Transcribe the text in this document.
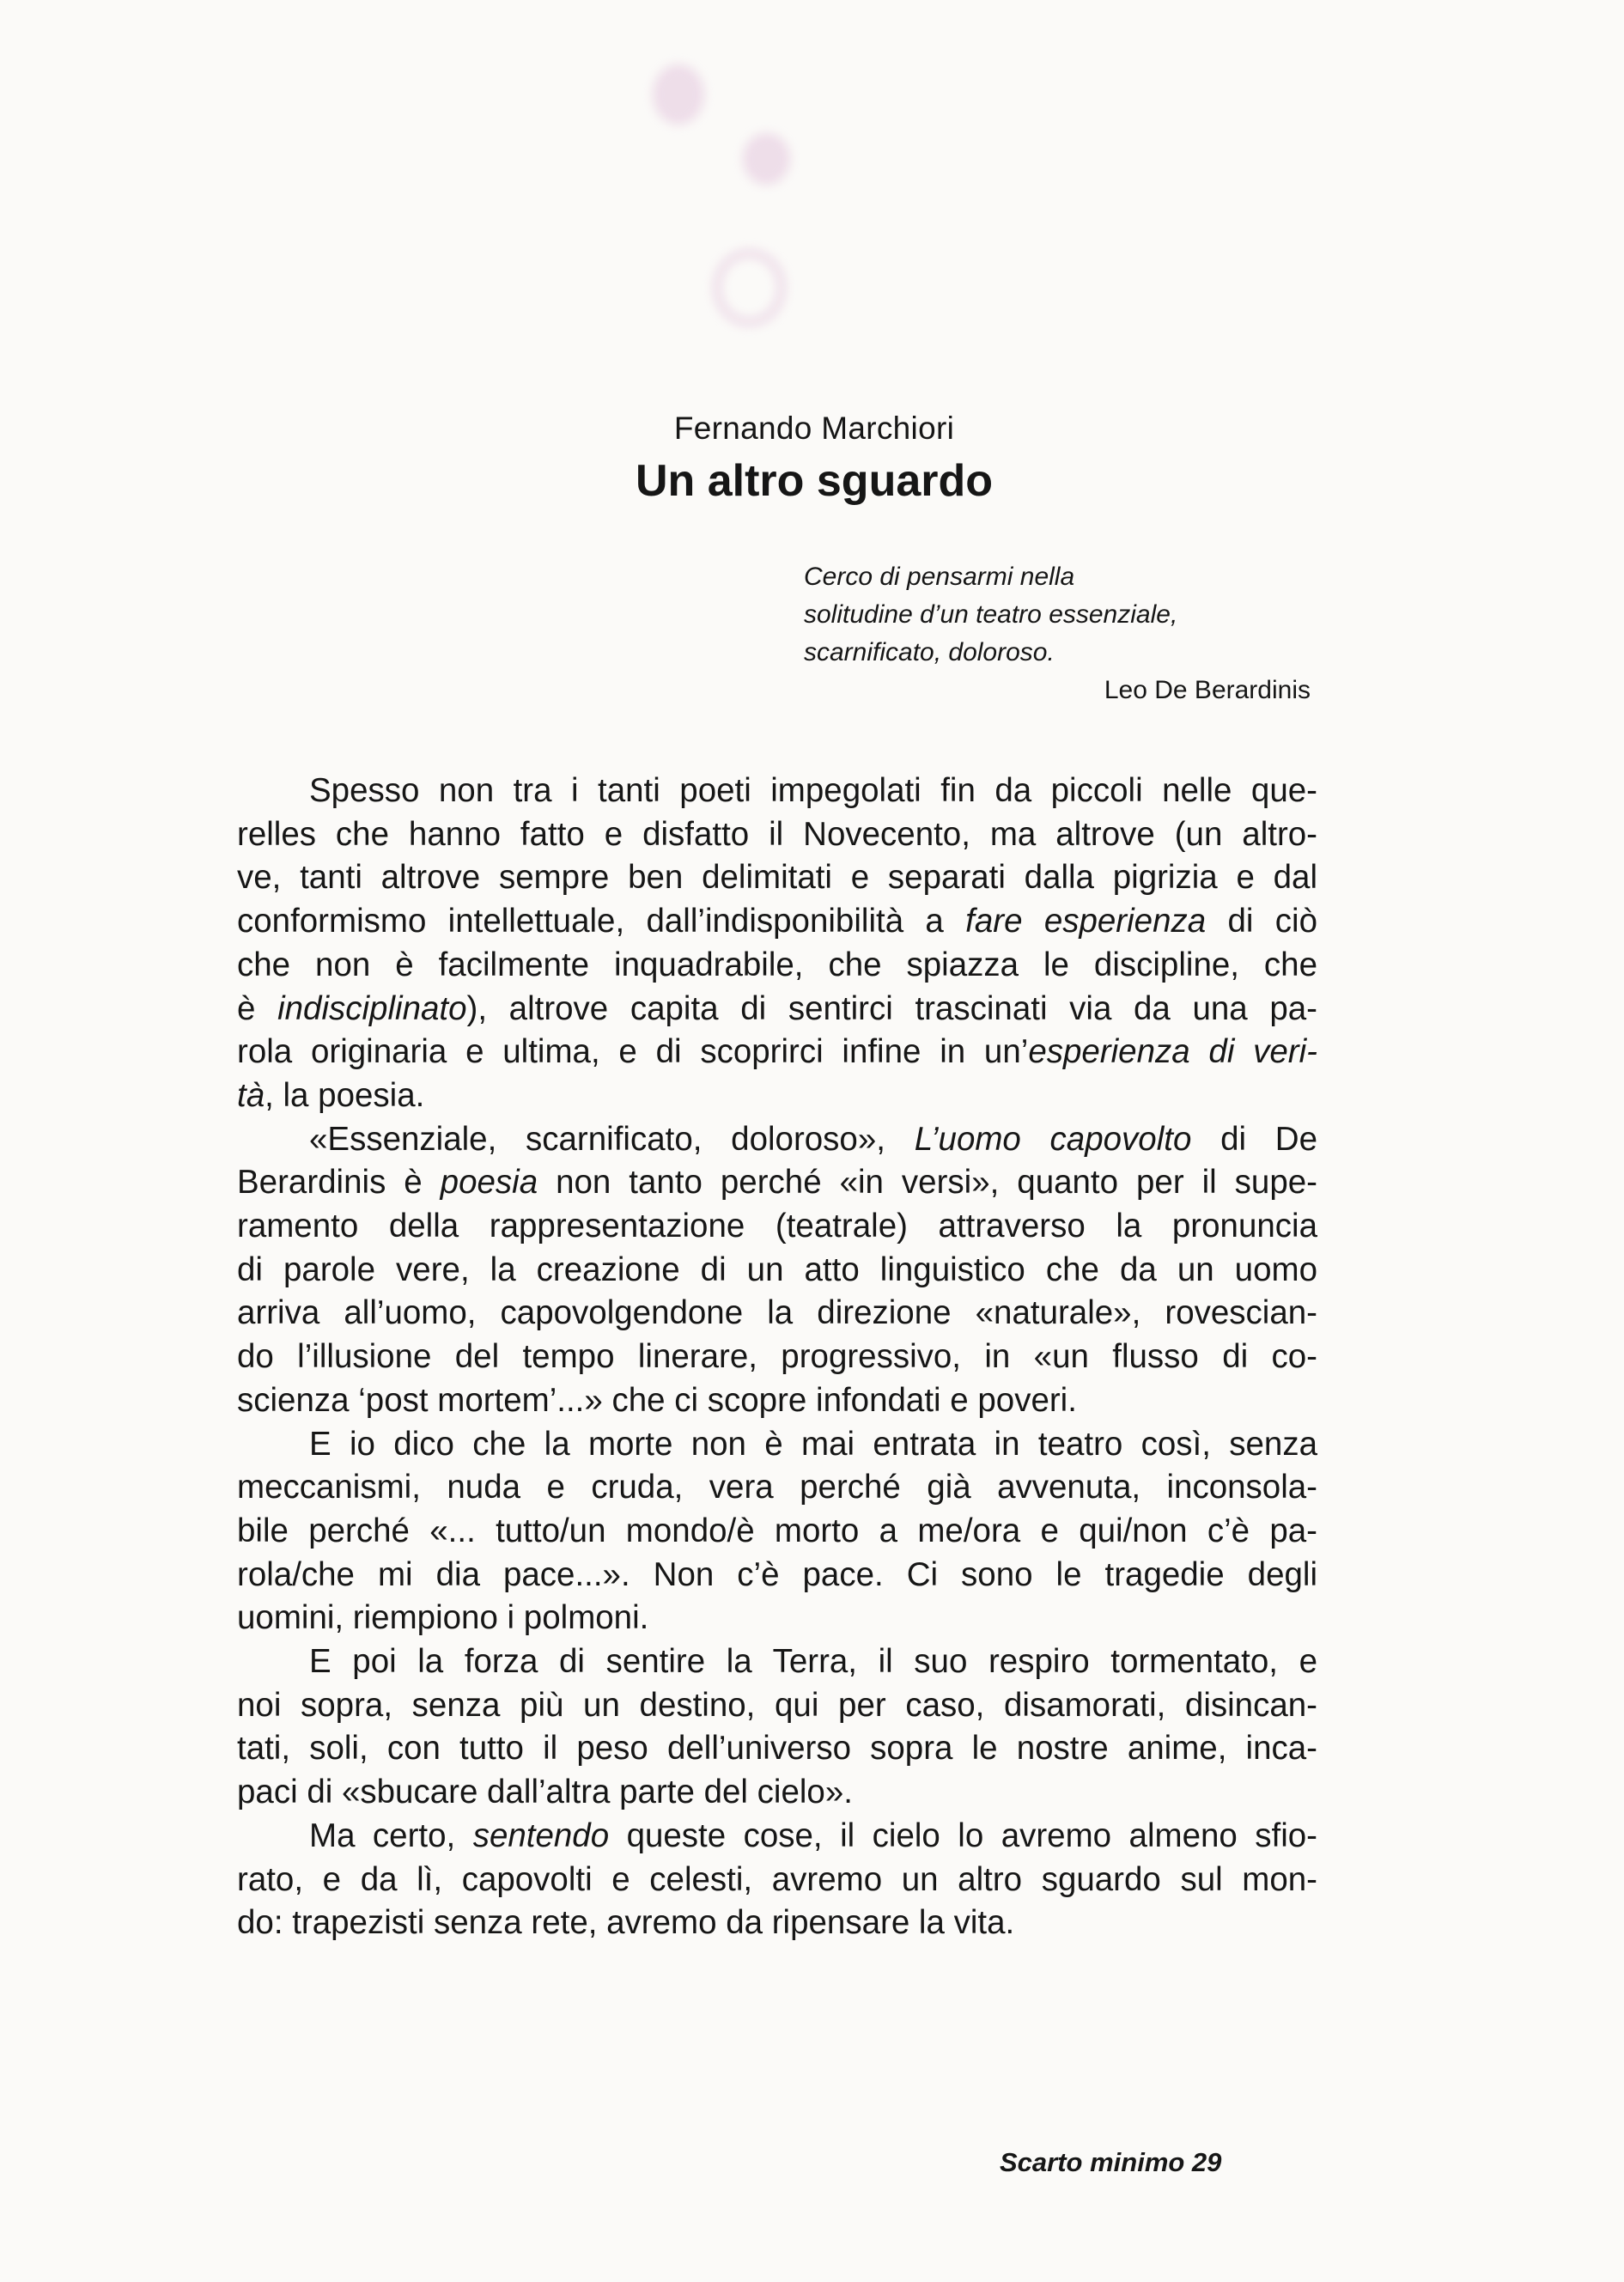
Fernando Marchiori
Un altro sguardo
Cerco di pensarmi nella
solitudine d’un teatro essenziale,
scarnificato, doloroso.
Leo De Berardinis
Spesso non tra i tanti poeti impegolati fin da piccoli nelle que-
relles che hanno fatto e disfatto il Novecento, ma altrove (un altro-
ve, tanti altrove sempre ben delimitati e separati dalla pigrizia e dal
conformismo intellettuale, dall’indisponibilità a fare esperienza di ciò
che non è facilmente inquadrabile, che spiazza le discipline, che
è indisciplinato), altrove capita di sentirci trascinati via da una pa-
rola originaria e ultima, e di scoprirci infine in un’esperienza di veri-
tà, la poesia.
«Essenziale, scarnificato, doloroso», L’uomo capovolto di De
Berardinis è poesia non tanto perché «in versi», quanto per il supe-
ramento della rappresentazione (teatrale) attraverso la pronuncia
di parole vere, la creazione di un atto linguistico che da un uomo
arriva all’uomo, capovolgendone la direzione «naturale», rovescian-
do l’illusione del tempo linerare, progressivo, in «un flusso di co-
scienza ‘post mortem’...» che ci scopre infondati e poveri.
E io dico che la morte non è mai entrata in teatro così, senza
meccanismi, nuda e cruda, vera perché già avvenuta, inconsola-
bile perché «... tutto/un mondo/è morto a me/ora e qui/non c’è pa-
rola/che mi dia pace...». Non c’è pace. Ci sono le tragedie degli
uomini, riempiono i polmoni.
E poi la forza di sentire la Terra, il suo respiro tormentato, e
noi sopra, senza più un destino, qui per caso, disamorati, disincan-
tati, soli, con tutto il peso dell’universo sopra le nostre anime, inca-
paci di «sbucare dall’altra parte del cielo».
Ma certo, sentendo queste cose, il cielo lo avremo almeno sfio-
rato, e da lì, capovolti e celesti, avremo un altro sguardo sul mon-
do: trapezisti senza rete, avremo da ripensare la vita.
Scarto minimo 29
